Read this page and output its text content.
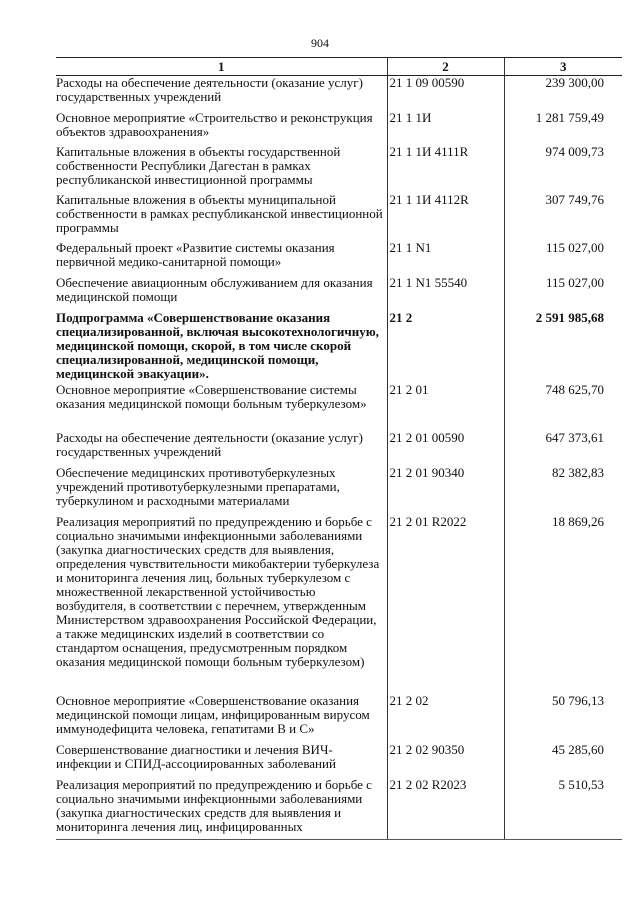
904
1	2	3
Расходы на обеспечение деятельности (оказание услуг) государственных учреждений	21 1 09 00590	239 300,00
Основное мероприятие «Строительство и реконструкция объектов здравоохранения»	21 1 1И	1 281 759,49
Капитальные вложения в объекты государственной собственности Республики Дагестан в рамках республиканской инвестиционной программы	21 1 1И 4111R	974 009,73
Капитальные вложения в объекты муниципальной собственности в рамках республиканской инвестиционной программы	21 1 1И 4112R	307 749,76
Федеральный проект «Развитие системы оказания первичной медико-санитарной помощи»	21 1 N1	115 027,00
Обеспечение авиационным обслуживанием для оказания медицинской помощи	21 1 N1 55540	115 027,00
Подпрограмма «Совершенствование оказания специализированной, включая высокотехнологичную, медицинской помощи, скорой, в том числе скорой специализированной, медицинской помощи, медицинской эвакуации».	21 2	2 591 985,68
Основное мероприятие «Совершенствование системы оказания медицинской помощи больным туберкулезом»	21 2 01	748 625,70
Расходы на обеспечение деятельности (оказание услуг) государственных учреждений	21 2 01 00590	647 373,61
Обеспечение медицинских противотуберкулезных учреждений противотуберкулезными препаратами, туберкулином и расходными материалами	21 2 01 90340	82 382,83
Реализация мероприятий по предупреждению и борьбе с социально значимыми инфекционными заболеваниями (закупка диагностических средств для выявления, определения чувствительности микобактерии туберкулеза и мониторинга лечения лиц, больных туберкулезом с множественной лекарственной устойчивостью возбудителя, в соответствии с перечнем, утвержденным Министерством здравоохранения Российской Федерации, а также медицинских изделий в соответствии со стандартом оснащения, предусмотренным порядком оказания медицинской помощи больным туберкулезом)	21 2 01 R2022	18 869,26
Основное мероприятие «Совершенствование оказания медицинской помощи лицам, инфицированным вирусом иммунодефицита человека, гепатитами В и С»	21 2 02	50 796,13
Совершенствование диагностики и лечения ВИЧ-инфекции и СПИД-ассоциированных заболеваний	21 2 02 90350	45 285,60
Реализация мероприятий по предупреждению и борьбе с социально значимыми инфекционными заболеваниями (закупка диагностических средств для выявления и мониторинга лечения лиц, инфицированных	21 2 02 R2023	5 510,53
